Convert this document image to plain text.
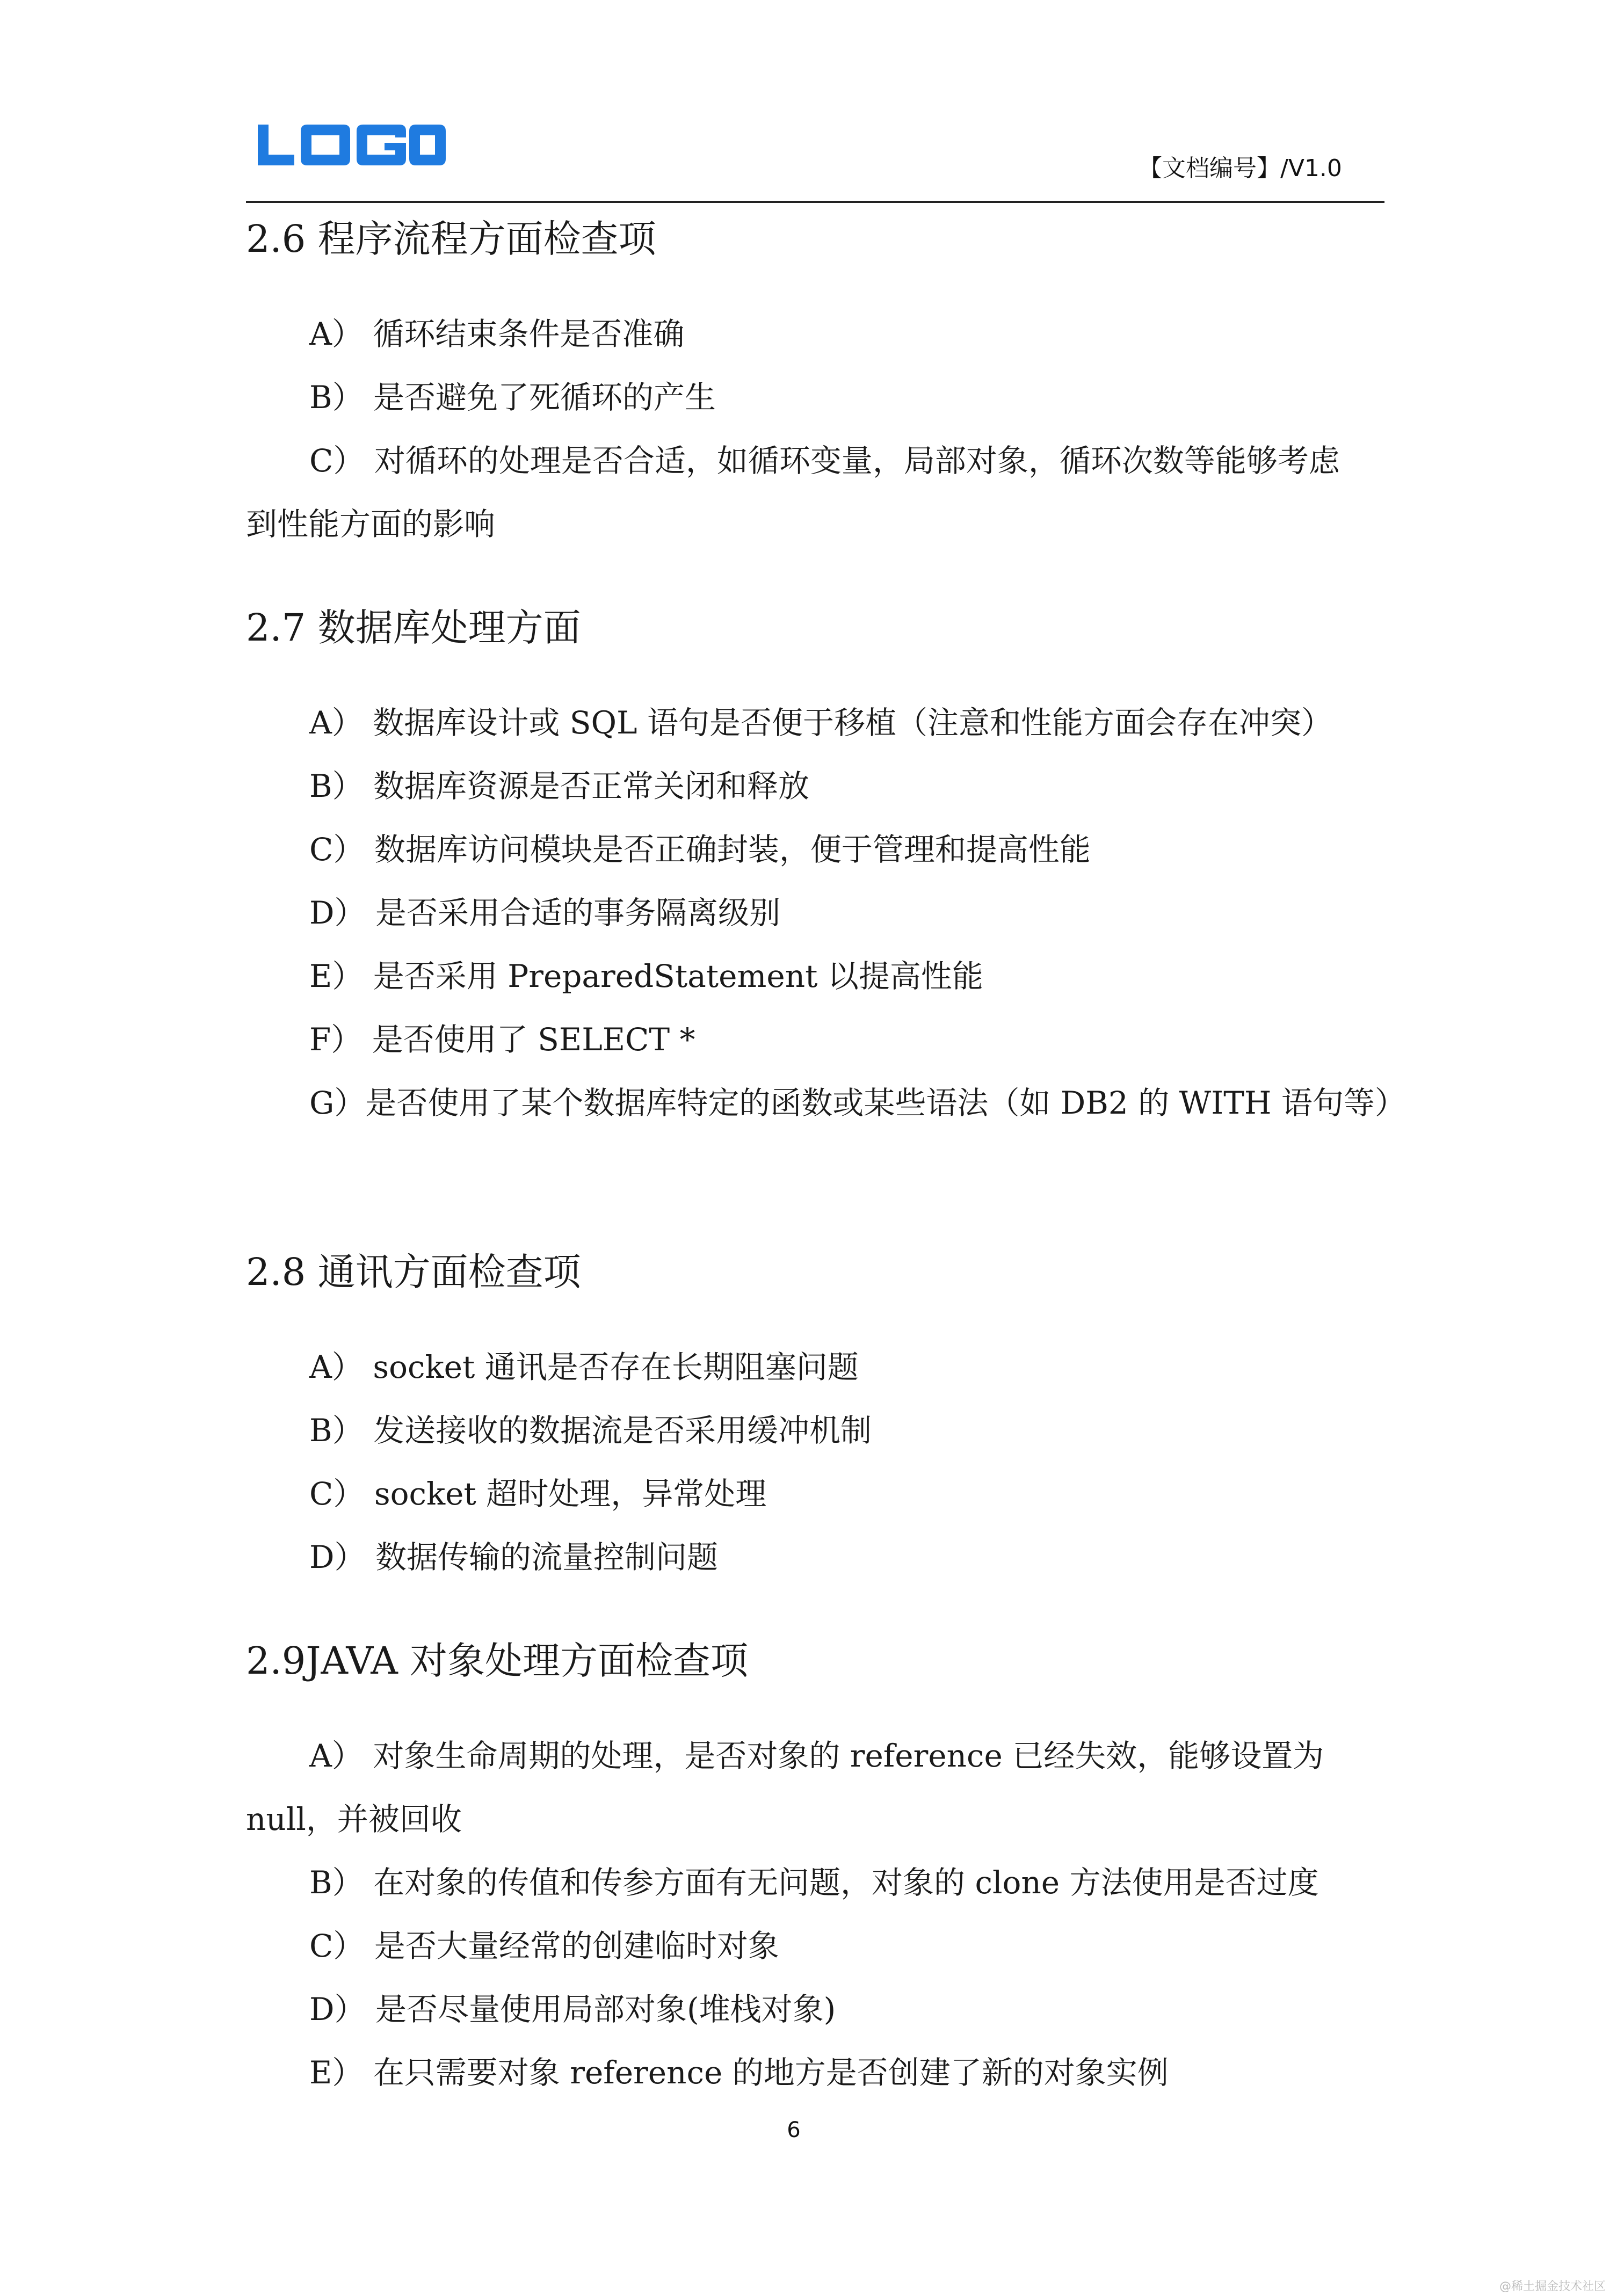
【文档编号】/V1.0
2.6 程序流程方面检查项
A） 循环结束条件是否准确
B） 是否避免了死循环的产生
C） 对循环的处理是否合适，如循环变量，局部对象，循环次数等能够考虑
到性能方面的影响
2.7 数据库处理方面
A） 数据库设计或 SQL 语句是否便于移植（注意和性能方面会存在冲突）
B） 数据库资源是否正常关闭和释放
C） 数据库访问模块是否正确封装，便于管理和提高性能
D） 是否采用合适的事务隔离级别
E） 是否采用 PreparedStatement 以提高性能
F） 是否使用了 SELECT *
G）是否使用了某个数据库特定的函数或某些语法（如 DB2 的 WITH 语句等）
2.8 通讯方面检查项
A） socket 通讯是否存在长期阻塞问题
B） 发送接收的数据流是否采用缓冲机制
C） socket 超时处理，异常处理
D） 数据传输的流量控制问题
2.9JAVA 对象处理方面检查项
A） 对象生命周期的处理，是否对象的 reference 已经失效，能够设置为
null，并被回收
B） 在对象的传值和传参方面有无问题，对象的 clone 方法使用是否过度
C） 是否大量经常的创建临时对象
D） 是否尽量使用局部对象(堆栈对象)
E） 在只需要对象 reference 的地方是否创建了新的对象实例
6
@稀土掘金技术社区
